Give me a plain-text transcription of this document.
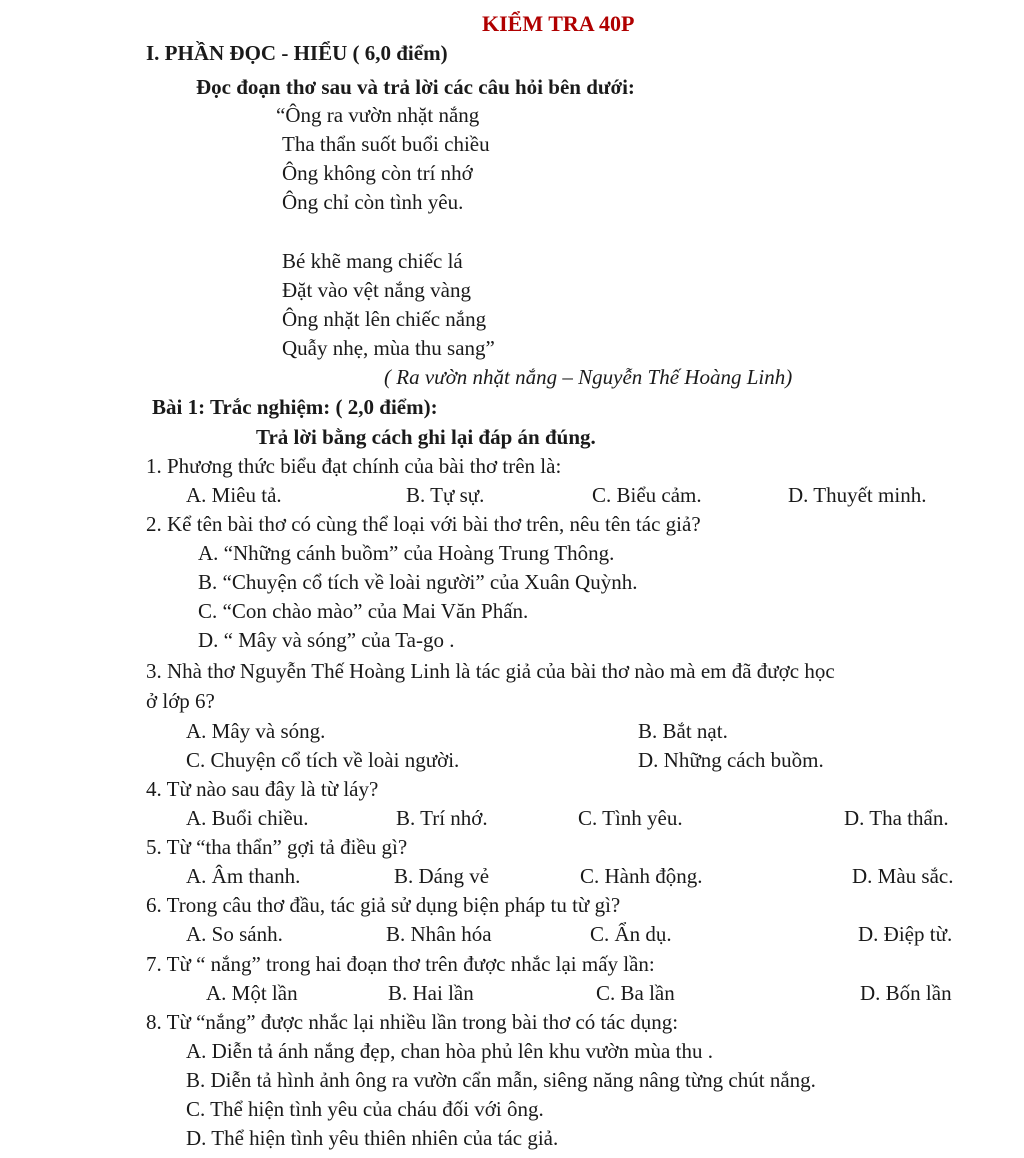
KIỂM TRA 40P
I. PHẦN ĐỌC - HIỂU ( 6,0 điểm)
Đọc đoạn thơ sau và trả lời các câu hỏi bên dưới:
“Ông ra vườn nhặt nắng
Tha thẩn suốt buổi chiều
Ông không còn trí nhớ
Ông chỉ còn tình yêu.
Bé khẽ mang chiếc lá
Đặt vào vệt nắng vàng
Ông nhặt lên chiếc nắng
Quẫy nhẹ, mùa thu sang”
( Ra vườn nhặt nắng – Nguyễn Thế Hoàng Linh)
Bài 1: Trắc nghiệm: ( 2,0 điểm):
Trả lời bằng cách ghi lại đáp án đúng.
1. Phương thức biểu đạt chính của bài thơ trên là:
A. Miêu tả.	B. Tự sự.	C. Biểu cảm.	D. Thuyết minh.
2. Kể tên bài thơ có cùng thể loại với bài thơ trên, nêu tên tác giả?
A. “Những cánh buồm” của Hoàng Trung Thông.
B. “Chuyện cổ tích về loài người” của Xuân Quỳnh.
C. “Con chào mào” của Mai Văn Phấn.
D. “ Mây và sóng” của Ta-go .
3. Nhà thơ Nguyễn Thế Hoàng Linh là tác giả của bài thơ nào mà em đã được học
ở lớp 6?
A. Mây và sóng.	B. Bắt nạt.
C. Chuyện cổ tích về loài người.	D. Những cách buồm.
4. Từ nào sau đây là từ láy?
A. Buổi chiều.	B. Trí nhớ.	C. Tình yêu.	D. Tha thẩn.
5. Từ “tha thẩn” gợi tả điều gì?
A. Âm thanh.	B. Dáng vẻ	C. Hành động.	D. Màu sắc.
6. Trong câu thơ đầu, tác giả sử dụng biện pháp tu từ gì?
A. So sánh.	B. Nhân hóa	C. Ẩn dụ.	D. Điệp từ.
7. Từ “ nắng” trong hai đoạn thơ trên được nhắc lại mấy lần:
A. Một lần	B. Hai lần	C. Ba lần	D. Bốn lần
8. Từ “nắng” được nhắc lại nhiều lần trong bài thơ có tác dụng:
A. Diễn tả ánh nắng đẹp, chan hòa phủ lên khu vườn mùa thu .
B. Diễn tả hình ảnh ông ra vườn cẩn mẫn, siêng năng nâng từng chút nắng.
C. Thể hiện tình yêu của cháu đối với ông.
D. Thể hiện tình yêu thiên nhiên của tác giả.
